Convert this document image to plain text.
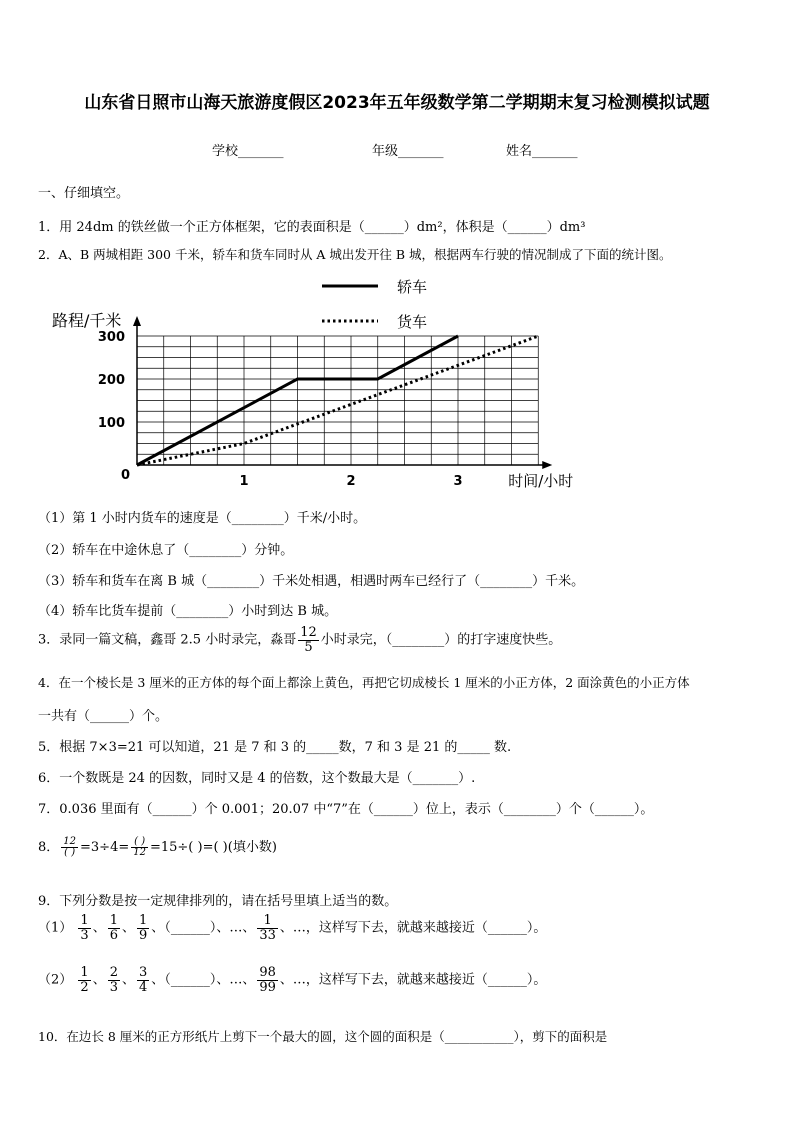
山东省日照市山海天旅游度假区2023年五年级数学第二学期期末复习检测模拟试题
学校_______	年级_______	姓名_______
一、仔细填空。
1．用 24dm 的铁丝做一个正方体框架，它的表面积是（______）dm²，体积是（______）dm³
2．A、B 两城相距 300 千米，轿车和货车同时从 A 城出发开往 B 城，根据两车行驶的情况制成了下面的统计图。
100
200
300
1	2	3
0
路程/千米
时间/小时
轿车
货车
（1）第 1 小时内货车的速度是（________）千米/小时。
（2）轿车在中途休息了（________）分钟。
（3）轿车和货车在离 B 城（________）千米处相遇，相遇时两车已经行了（________）千米。
（4）轿车比货车提前（________）小时到达 B 城。
3．录同一篇文稿，鑫哥 2.5 小时录完，淼哥 $\frac{12}{5}$ 小时录完，（________）的打字速度快些。
4．在一个棱长是 3 厘米的正方体的每个面上都涂上黄色，再把它切成棱长 1 厘米的小正方体，2 面涂黄色的小正方体
一共有（______）个。
5．根据 7×3=21 可以知道，21 是 7 和 3 的_____数，7 和 3 是 21 的_____ 数.
6．一个数既是 24 的因数，同时又是 4 的倍数，这个数最大是（_______）.
7．0.036 里面有（______）个 0.001；20.07 中“7”在（______）位上，表示（________）个（______）。
8． $\frac{12}{( )} =3\div 4= \frac{( )}{12} =15\div$( )=( )(填小数)
9．下列分数是按一定规律排列的，请在括号里填上适当的数。
$(1) \frac{1}{3}$ 、 $\frac{1}{6}$ 、 $\frac{1}{9}$ 、（______）、…、 $\frac{1}{33}$ 、…，这样写下去，就越来越接近（______）。
$(2) \frac{1}{2}$ 、 $\frac{2}{3}$ 、 $\frac{3}{4}$ 、（______）、…、 $\frac{98}{99}$ 、…，这样写下去，就越来越接近（______）。
10．在边长 8 厘米的正方形纸片上剪下一个最大的圆，这个圆的面积是（___________），剪下的面积是
